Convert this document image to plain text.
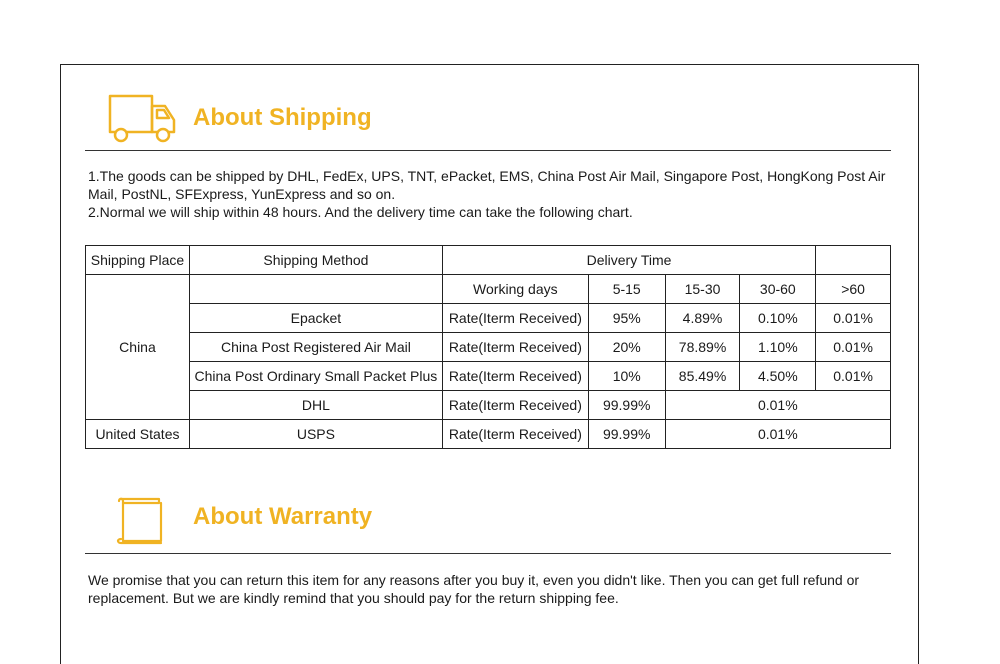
About Shipping

1.The goods can be shipped by DHL, FedEx, UPS, TNT, ePacket, EMS, China Post Air Mail, Singapore Post, HongKong Post Air Mail, PostNL, SFExpress, YunExpress and so on.

2.Normal we will ship within 48 hours. And the delivery time can take the following chart.

Shipping Place	Shipping Method	Delivery Time				
China		Working days	5-15	15-30	30-60	>60
	Epacket	Rate(Iterm Received)	95%	4.89%	0.10%	0.01%
	China Post Registered Air Mail	Rate(Iterm Received)	20%	78.89%	1.10%	0.01%
	China Post Ordinary Small Packet Plus	Rate(Iterm Received)	10%	85.49%	4.50%	0.01%
	DHL	Rate(Iterm Received)	99.99%	0.01%		
United States	USPS	Rate(Iterm Received)	99.99%	0.01%		
About Warranty

We promise that you can return this item for any reasons after you buy it, even you didn't like. Then you can get full refund or replacement. But we are kindly remind that you should pay for the return shipping fee.
